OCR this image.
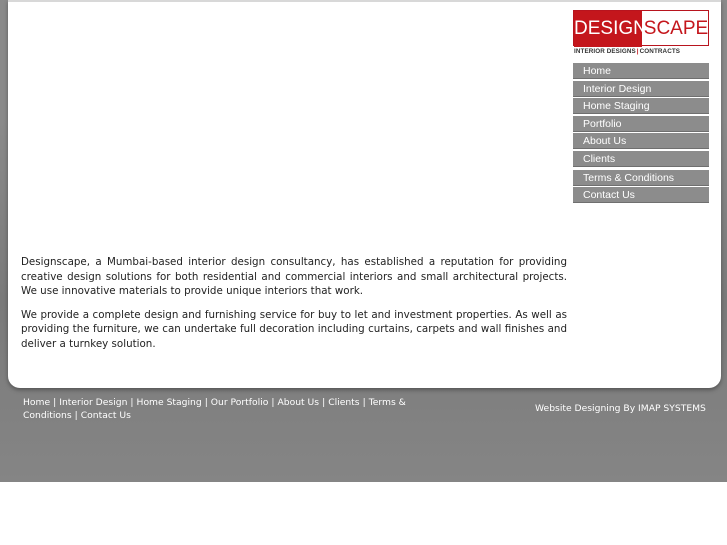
DESIGN
SCAPE
INTERIOR DESIGNS|CONTRACTS
Home
Interior Design
Home Staging
Portfolio
About Us
Clients
Terms & Conditions
Contact Us

Designscape, a Mumbai-based interior design consultancy, has established a reputation for providing creative design solutions for both residential and commercial interiors and small architectural projects. We use innovative materials to provide unique interiors that work.

We provide a complete design and furnishing service for buy to let and investment properties. As well as providing the furniture, we can undertake full decoration including curtains, carpets and wall finishes and deliver a turnkey solution.

Home | Interior Design | Home Staging | Our Portfolio | About Us | Clients | Terms & Conditions | Contact Us
Website Designing By IMAP SYSTEMS
